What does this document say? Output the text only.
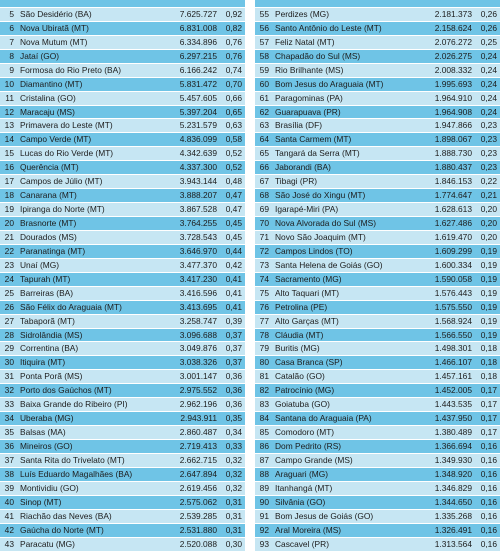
5 São Desidério (BA)	7.625.727	0,92
6 Nova Ubiratã (MT)	6.831.008	0,82
7 Nova Mutum (MT)	6.334.896	0,76
8 Jataí (GO)	6.297.215	0,76
9 Formosa do Rio Preto (BA)	6.166.242	0,74
10 Diamantino (MT)	5.831.472	0,70
11 Cristalina (GO)	5.457.605	0,66
12 Maracaju (MS)	5.397.204	0,65
13 Primavera do Leste (MT)	5.231.579	0,63
14 Campo Verde (MT)	4.836.099	0,58
15 Lucas do Rio Verde (MT)	4.342.639	0,52
16 Querência (MT)	4.337.300	0,52
17 Campos de Júlio (MT)	3.943.144	0,48
18 Canarana (MT)	3.888.207	0,47
19 Ipiranga do Norte (MT)	3.867.528	0,47
20 Brasnorte (MT)	3.764.255	0,45
21 Dourados (MS)	3.728.543	0,45
22 Paranatinga (MT)	3.646.970	0,44
23 Unaí (MG)	3.477.370	0,42
24 Tapurah (MT)	3.417.230	0,41
25 Barreiras (BA)	3.416.596	0,41
26 São Félix do Araguaia (MT)	3.413.695	0,41
27 Tabaporã (MT)	3.258.747	0,39
28 Sidrolândia (MS)	3.096.688	0,37
29 Correntina (BA)	3.049.876	0,37
30 Itiquira (MT)	3.038.326	0,37
31 Ponta Porã (MS)	3.001.147	0,36
32 Porto dos Gaúchos (MT)	2.975.552	0,36
33 Baixa Grande do Ribeiro (PI)	2.962.196	0,36
34 Uberaba (MG)	2.943.911	0,35
35 Balsas (MA)	2.860.487	0,34
36 Mineiros (GO)	2.719.413	0,33
37 Santa Rita do Trivelato (MT)	2.662.715	0,32
38 Luís Eduardo Magalhães (BA)	2.647.894	0,32
39 Montividiu (GO)	2.619.456	0,32
40 Sinop (MT)	2.575.062	0,31
41 Riachão das Neves (BA)	2.539.285	0,31
42 Gaúcha do Norte (MT)	2.531.880	0,31
43 Paracatu (MG)	2.520.088	0,30
55 Perdizes (MG)	2.181.373	0,26
56 Santo Antônio do Leste (MT)	2.158.624	0,26
57 Feliz Natal (MT)	2.076.272	0,25
58 Chapadão do Sul (MS)	2.026.275	0,24
59 Rio Brilhante (MS)	2.008.332	0,24
60 Bom Jesus do Araguaia (MT)	1.995.693	0,24
61 Paragominas (PA)	1.964.910	0,24
62 Guarapuava (PR)	1.964.908	0,24
63 Brasília (DF)	1.947.866	0,23
64 Santa Carmem (MT)	1.898.067	0,23
65 Tangará da Serra (MT)	1.888.730	0,23
66 Jaborandi (BA)	1.880.437	0,23
67 Tibagi (PR)	1.846.153	0,22
68 São José do Xingu (MT)	1.774.647	0,21
69 Igarapé-Miri (PA)	1.628.613	0,20
70 Nova Alvorada do Sul (MS)	1.627.486	0,20
71 Novo São Joaquim (MT)	1.619.470	0,20
72 Campos Lindos (TO)	1.609.299	0,19
73 Santa Helena de Goiás (GO)	1.600.334	0,19
74 Sacramento (MG)	1.590.058	0,19
75 Alto Taquari (MT)	1.576.443	0,19
76 Petrolina (PE)	1.575.550	0,19
77 Alto Garças (MT)	1.568.924	0,19
78 Cláudia (MT)	1.566.550	0,19
79 Buritis (MG)	1.498.301	0,18
80 Casa Branca (SP)	1.466.107	0,18
81 Catalão (GO)	1.457.161	0,18
82 Patrocínio (MG)	1.452.005	0,17
83 Goiatuba (GO)	1.443.535	0,17
84 Santana do Araguaia (PA)	1.437.950	0,17
85 Comodoro (MT)	1.380.489	0,17
86 Dom Pedrito (RS)	1.366.694	0,16
87 Campo Grande (MS)	1.349.930	0,16
88 Araguari (MG)	1.348.920	0,16
89 Itanhangá (MT)	1.346.829	0,16
90 Silvânia (GO)	1.344.650	0,16
91 Bom Jesus de Goiás (GO)	1.335.268	0,16
92 Aral Moreira (MS)	1.326.491	0,16
93 Cascavel (PR)	1.313.564	0,16
